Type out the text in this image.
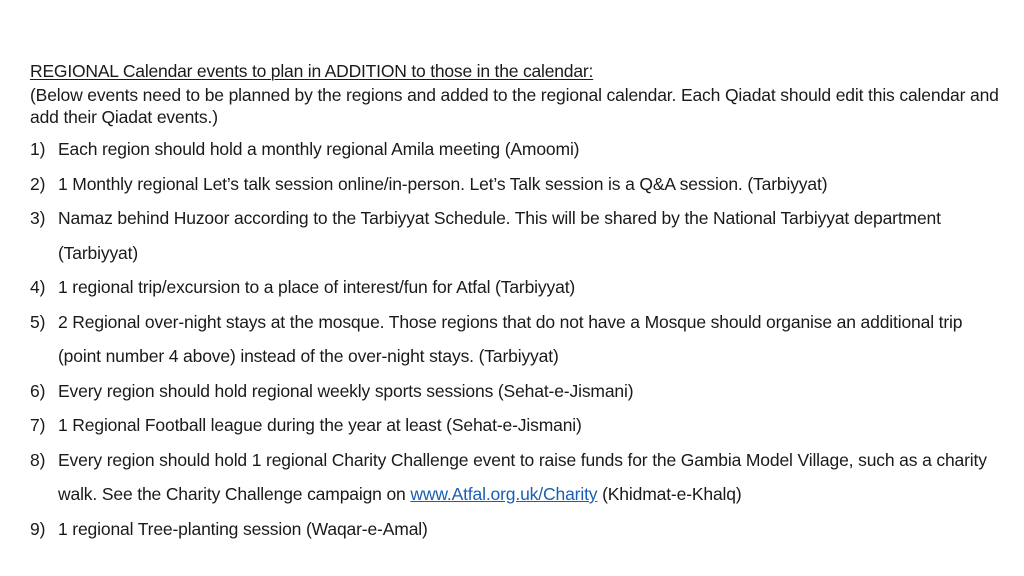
REGIONAL Calendar events to plan in ADDITION to those in the calendar:

(Below events need to be planned by the regions and added to the regional calendar. Each Qiadat should edit this calendar and add their Qiadat events.)

1) Each region should hold a monthly regional Amila meeting (Amoomi)
2) 1 Monthly regional Let’s talk session online/in-person. Let’s Talk session is a Q&A session. (Tarbiyyat)
3) Namaz behind Huzoor according to the Tarbiyyat Schedule. This will be shared by the National Tarbiyyat department (Tarbiyyat)
4) 1 regional trip/excursion to a place of interest/fun for Atfal (Tarbiyyat)
5) 2 Regional over-night stays at the mosque. Those regions that do not have a Mosque should organise an additional trip (point number 4 above) instead of the over-night stays. (Tarbiyyat)
6) Every region should hold regional weekly sports sessions (Sehat-e-Jismani)
7) 1 Regional Football league during the year at least (Sehat-e-Jismani)
8) Every region should hold 1 regional Charity Challenge event to raise funds for the Gambia Model Village, such as a charity walk. See the Charity Challenge campaign on www.Atfal.org.uk/Charity (Khidmat-e-Khalq)
9) 1 regional Tree-planting session (Waqar-e-Amal)
